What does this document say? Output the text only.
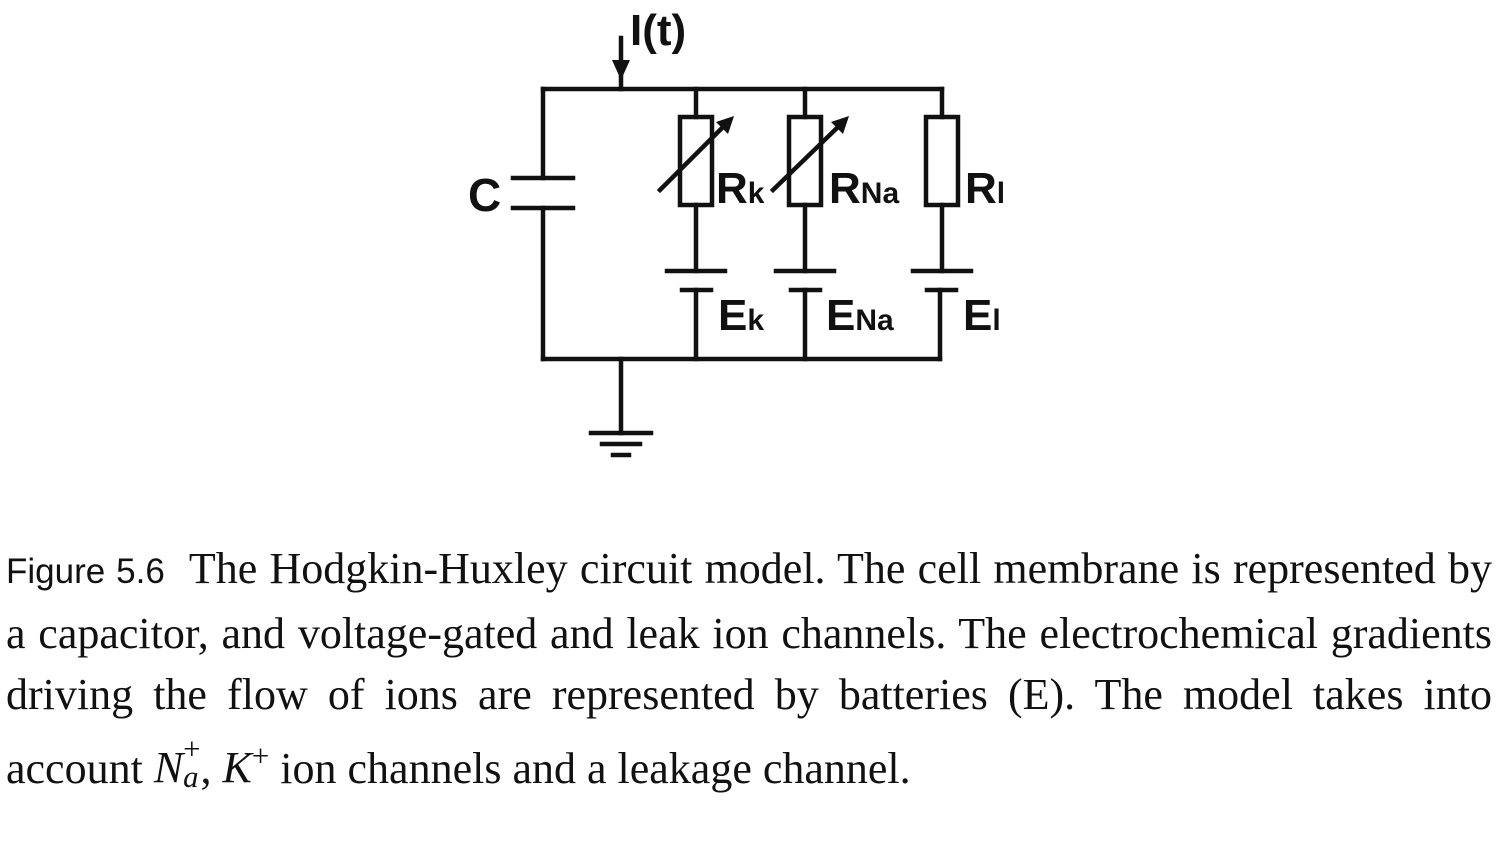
I(t)
C	Rk
Ek
RNa
ENa
Rl
El
Figure 5.6 The Hodgkin-Huxley circuit model. The cell membrane is represented by a capacitor, and voltage-gated and leak ion channels. The electrochemical gradients driving the flow of ions are represented by batteries (E). The model takes into account N +
a , K+ ion channels and a leakage channel.
